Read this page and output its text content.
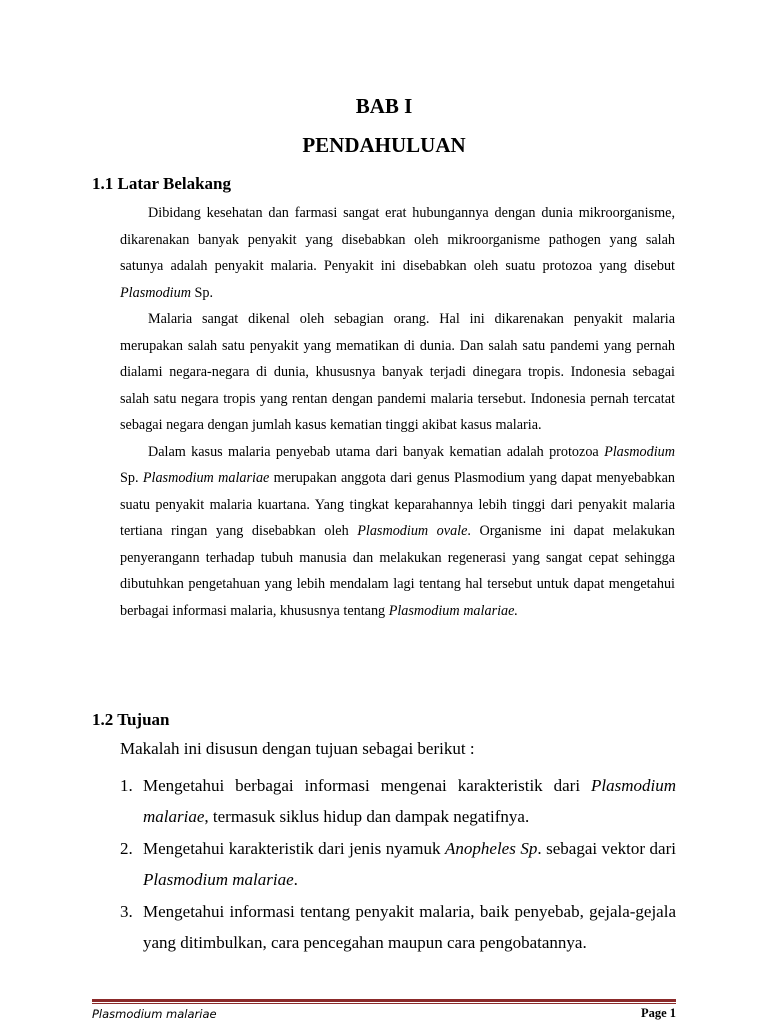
BAB I
PENDAHULUAN
1.1 Latar Belakang

Dibidang kesehatan dan farmasi sangat erat hubungannya dengan dunia mikroorganisme, dikarenakan banyak penyakit yang disebabkan oleh mikroorganisme pathogen yang salah satunya adalah penyakit malaria. Penyakit ini disebabkan oleh suatu protozoa yang disebut Plasmodium Sp.

Malaria sangat dikenal oleh sebagian orang. Hal ini dikarenakan penyakit malaria merupakan salah satu penyakit yang mematikan di dunia. Dan salah satu pandemi yang pernah dialami negara-negara di dunia, khususnya banyak terjadi dinegara tropis. Indonesia sebagai salah satu negara tropis yang rentan dengan pandemi malaria tersebut. Indonesia pernah tercatat sebagai negara dengan jumlah kasus kematian tinggi akibat kasus malaria.

Dalam kasus malaria penyebab utama dari banyak kematian adalah protozoa Plasmodium Sp. Plasmodium malariae merupakan anggota dari genus Plasmodium yang dapat menyebabkan suatu penyakit malaria kuartana. Yang tingkat keparahannya lebih tinggi dari penyakit malaria tertiana ringan yang disebabkan oleh Plasmodium ovale. Organisme ini dapat melakukan penyerangann terhadap tubuh manusia dan melakukan regenerasi yang sangat cepat sehingga dibutuhkan pengetahuan yang lebih mendalam lagi tentang hal tersebut untuk dapat mengetahui berbagai informasi malaria, khususnya tentang Plasmodium malariae.

1.2 Tujuan

Makalah ini disusun dengan tujuan sebagai berikut :

1. Mengetahui berbagai informasi mengenai karakteristik dari Plasmodium malariae, termasuk siklus hidup dan dampak negatifnya.
2. Mengetahui karakteristik dari jenis nyamuk Anopheles Sp. sebagai vektor dari Plasmodium malariae.
3. Mengetahui informasi tentang penyakit malaria, baik penyebab, gejala-gejala yang ditimbulkan, cara pencegahan maupun cara pengobatannya.
Plasmodium malariae	Page 1
